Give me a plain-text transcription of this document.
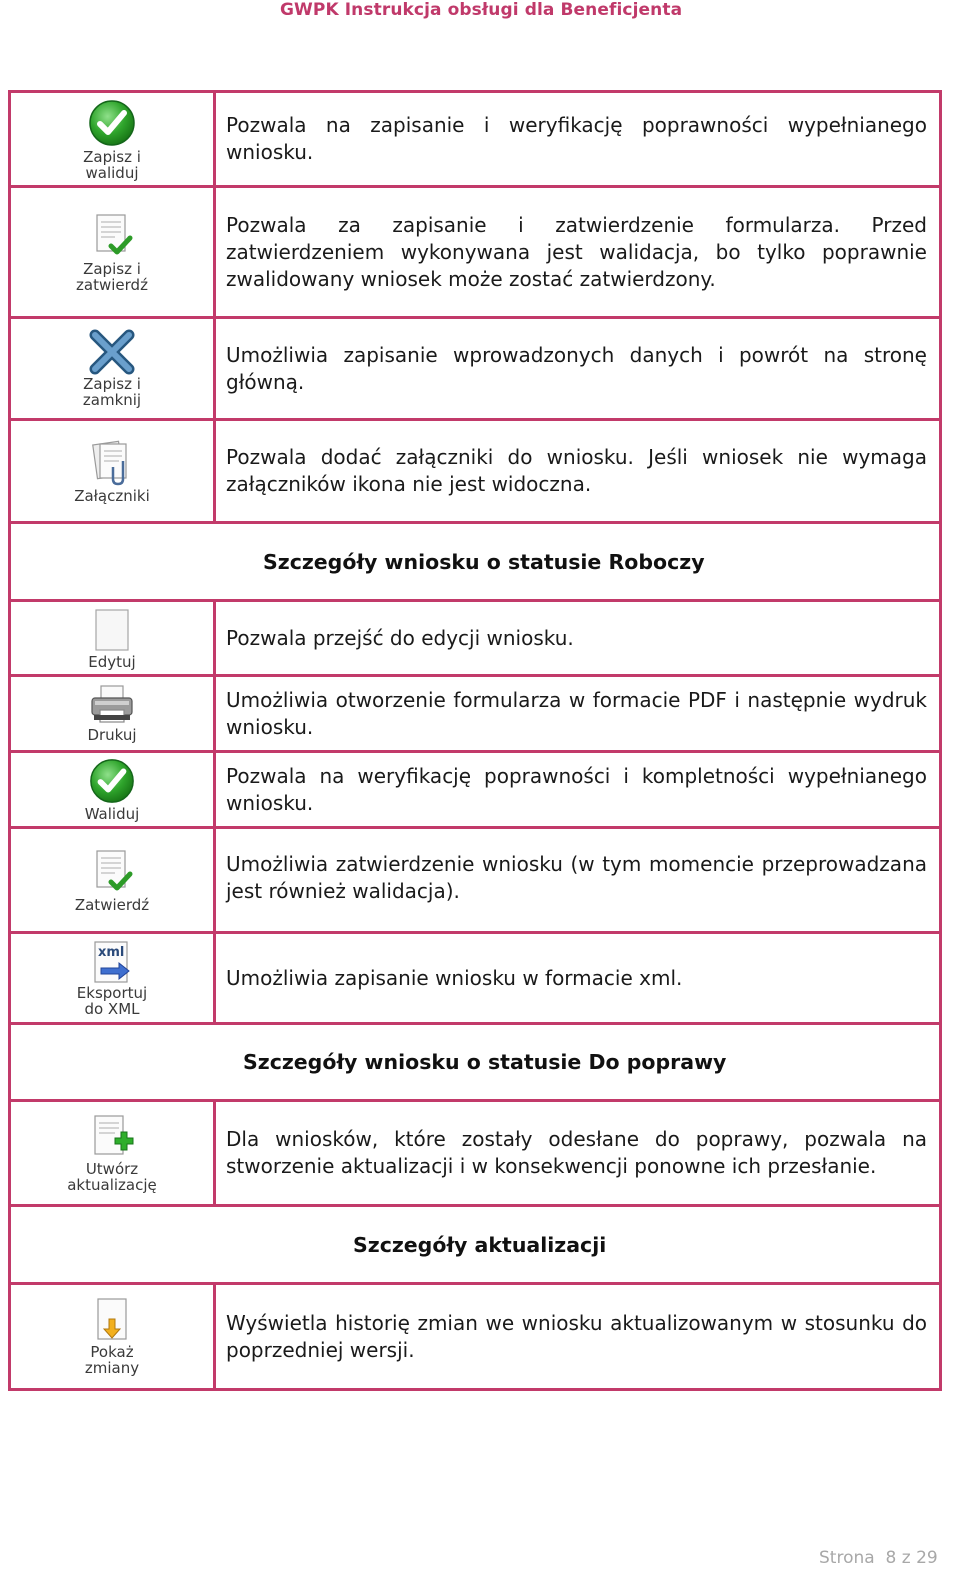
GWPK Instrukcja obsługi dla Beneficjenta
Zapisz i
waliduj
Pozwala na zapisanie i weryfikację poprawności wypełnianego wniosku.
Zapisz i
zatwierdź
Pozwala za zapisanie i zatwierdzenie formularza. Przed zatwierdzeniem wykonywana jest walidacja, bo tylko poprawnie zwalidowany wniosek może zostać zatwierdzony.
Zapisz i
zamknij
Umożliwia zapisanie wprowadzonych danych i powrót na stronę główną.
Załączniki
Pozwala dodać załączniki do wniosku. Jeśli wniosek nie wymaga załączników ikona nie jest widoczna.
Szczegóły wniosku o statusie Roboczy
Edytuj
Pozwala przejść do edycji wniosku.
Drukuj
Umożliwia otworzenie formularza w formacie PDF i następnie wydruk wniosku.
Waliduj
Pozwala na weryfikację poprawności i kompletności wypełnianego wniosku.
Zatwierdź
Umożliwia zatwierdzenie wniosku (w tym momencie przeprowadzana jest również walidacja).
xml
Eksportuj
do XML
Umożliwia zapisanie wniosku w formacie xml.
Szczegóły wniosku o statusie Do poprawy
Utwórz
aktualizację
Dla wniosków, które zostały odesłane do poprawy, pozwala na stworzenie aktualizacji i w konsekwencji ponowne ich przesłanie.
Szczegóły aktualizacji
Pokaż
zmiany
Wyświetla historię zmian we wniosku aktualizowanym w stosunku do poprzedniej wersji.
Strona 8 z 29
